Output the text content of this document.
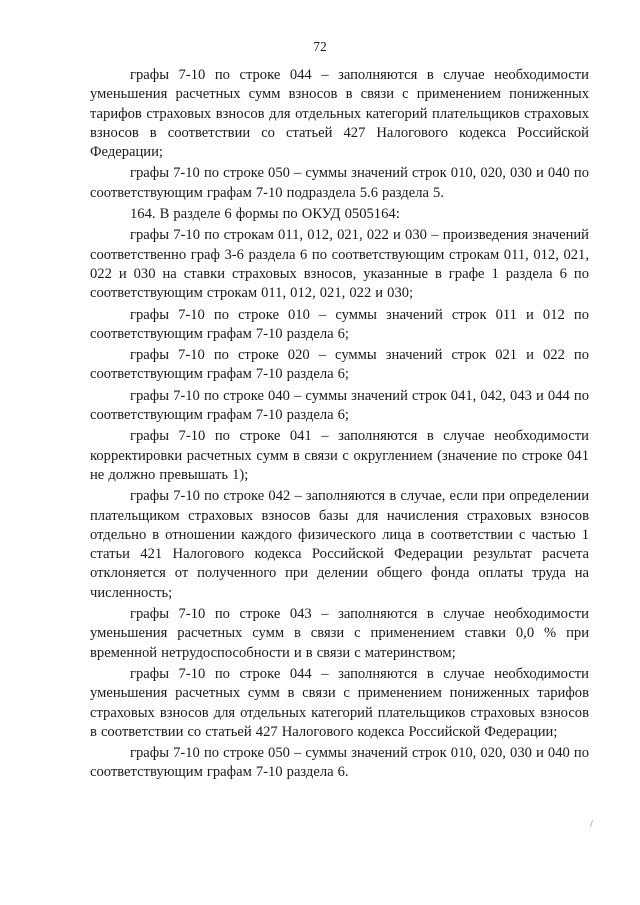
72

графы 7-10 по строке 044 – заполняются в случае необходимости уменьшения расчетных сумм взносов в связи с применением пониженных тарифов страховых взносов для отдельных категорий плательщиков страховых взносов в соответствии со статьей 427 Налогового кодекса Российской Федерации;

графы 7-10 по строке 050 – суммы значений строк 010, 020, 030 и 040 по соответствующим графам 7-10 подраздела 5.6 раздела 5.

164. В разделе 6 формы по ОКУД 0505164:

графы 7-10 по строкам 011, 012, 021, 022 и 030 – произведения значений соответственно граф 3-6 раздела 6 по соответствующим строкам 011, 012, 021, 022 и 030 на ставки страховых взносов, указанные в графе 1 раздела 6 по соответствующим строкам 011, 012, 021, 022 и 030;

графы 7-10 по строке 010 – суммы значений строк 011 и 012 по соответствующим графам 7-10 раздела 6;

графы 7-10 по строке 020 – суммы значений строк 021 и 022 по соответствующим графам 7-10 раздела 6;

графы 7-10 по строке 040 – суммы значений строк 041, 042, 043 и 044 по соответствующим графам 7-10 раздела 6;

графы 7-10 по строке 041 – заполняются в случае необходимости корректировки расчетных сумм в связи с округлением (значение по строке 041 не должно превышать 1);

графы 7-10 по строке 042 – заполняются в случае, если при определении плательщиком страховых взносов базы для начисления страховых взносов отдельно в отношении каждого физического лица в соответствии с частью 1 статьи 421 Налогового кодекса Российской Федерации результат расчета отклоняется от полученного при делении общего фонда оплаты труда на численность;

графы 7-10 по строке 043 – заполняются в случае необходимости уменьшения расчетных сумм в связи с применением ставки 0,0 % при временной нетрудоспособности и в связи с материнством;

графы 7-10 по строке 044 – заполняются в случае необходимости уменьшения расчетных сумм в связи с применением пониженных тарифов страховых взносов для отдельных категорий плательщиков страховых взносов в соответствии со статьей 427 Налогового кодекса Российской Федерации;

графы 7-10 по строке 050 – суммы значений строк 010, 020, 030 и 040 по соответствующим графам 7-10 раздела 6.
